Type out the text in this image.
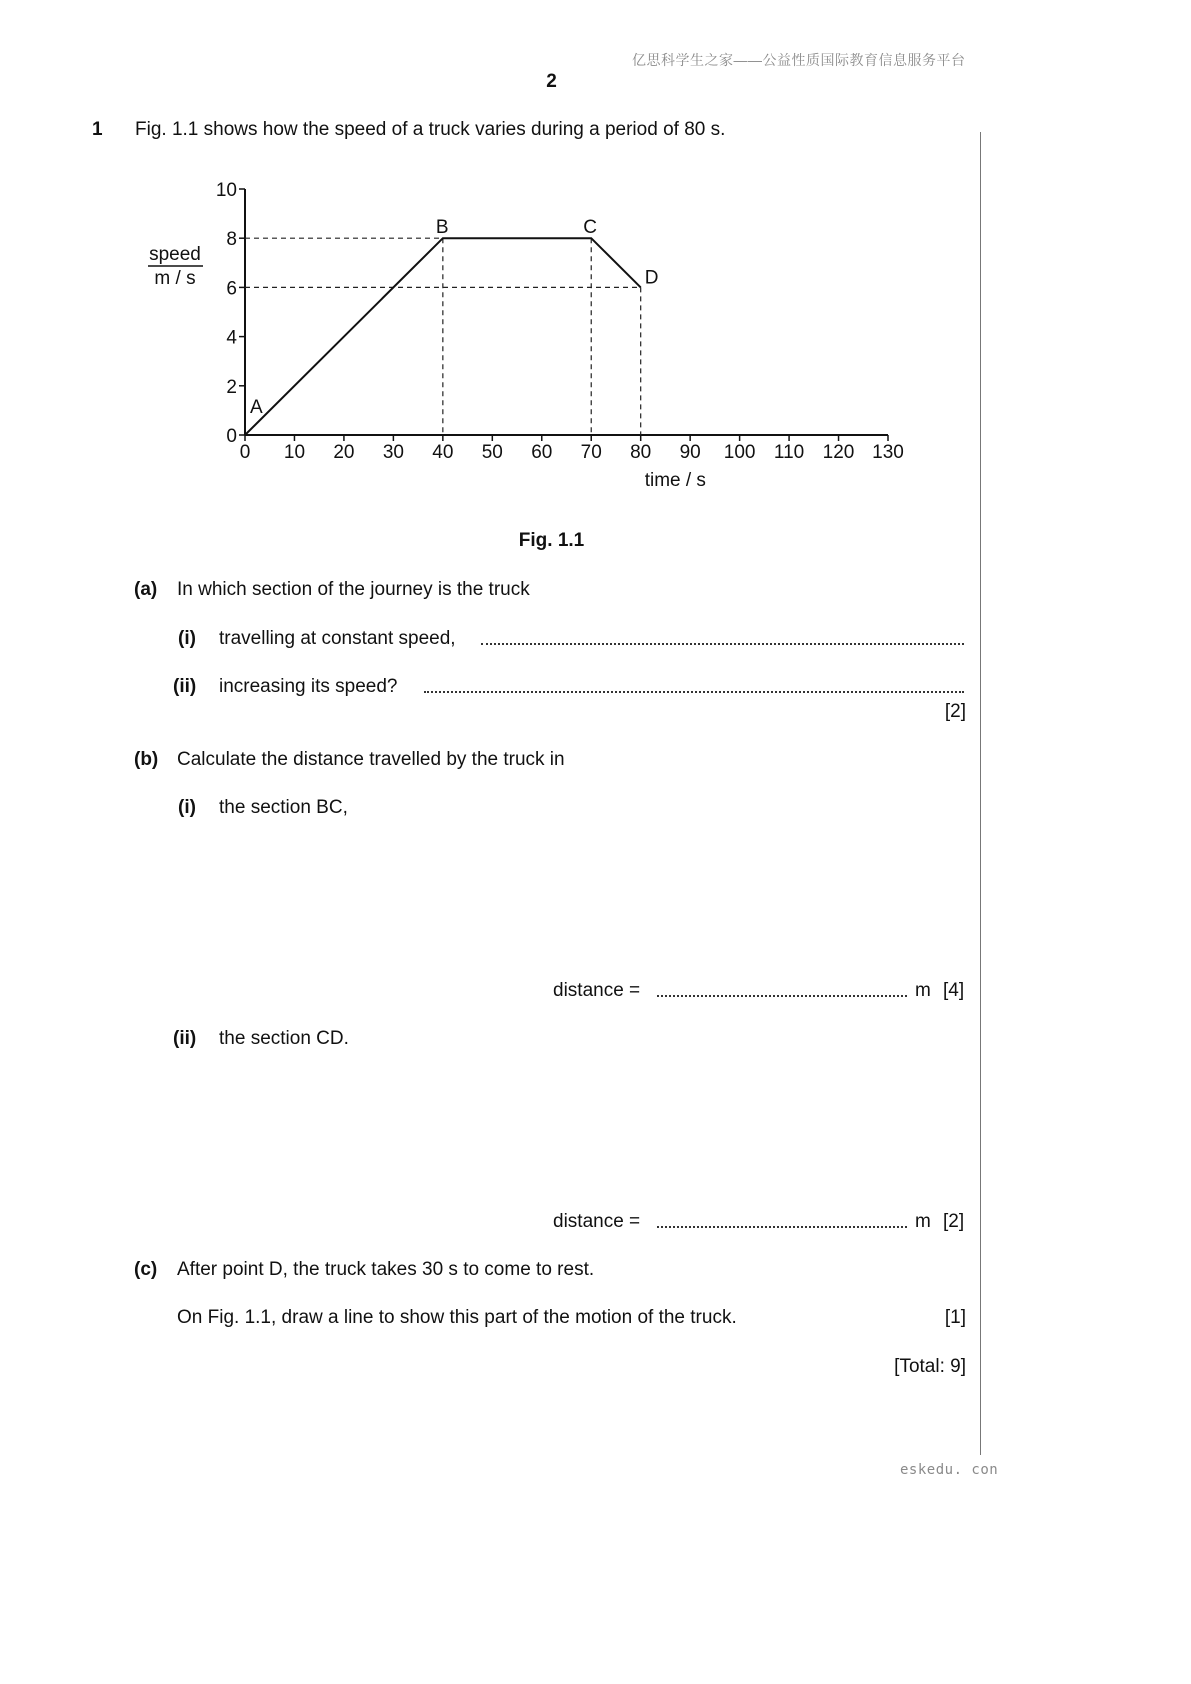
亿思科学生之家——公益性质国际教育信息服务平台
2
1 Fig. 1.1 shows how the speed of a truck varies during a period of 80 s.
0 10 20 30 40 50 60 70 80 90 100 110 120 130
0
2
4
6
8
10
speed
m / s
time / s
A
B	C
D
Fig. 1.1
(a) In which section of the journey is the truck
(i) travelling at constant speed,
(ii) increasing its speed?
[2]
(b) Calculate the distance travelled by the truck in
(i) the section BC,
distance =	m [4]
(ii) the section CD.
distance =	m [2]
(c) After point D, the truck takes 30 s to come to rest.
On Fig. 1.1, draw a line to show this part of the motion of the truck.	[1]
[Total: 9]
eskedu. con
